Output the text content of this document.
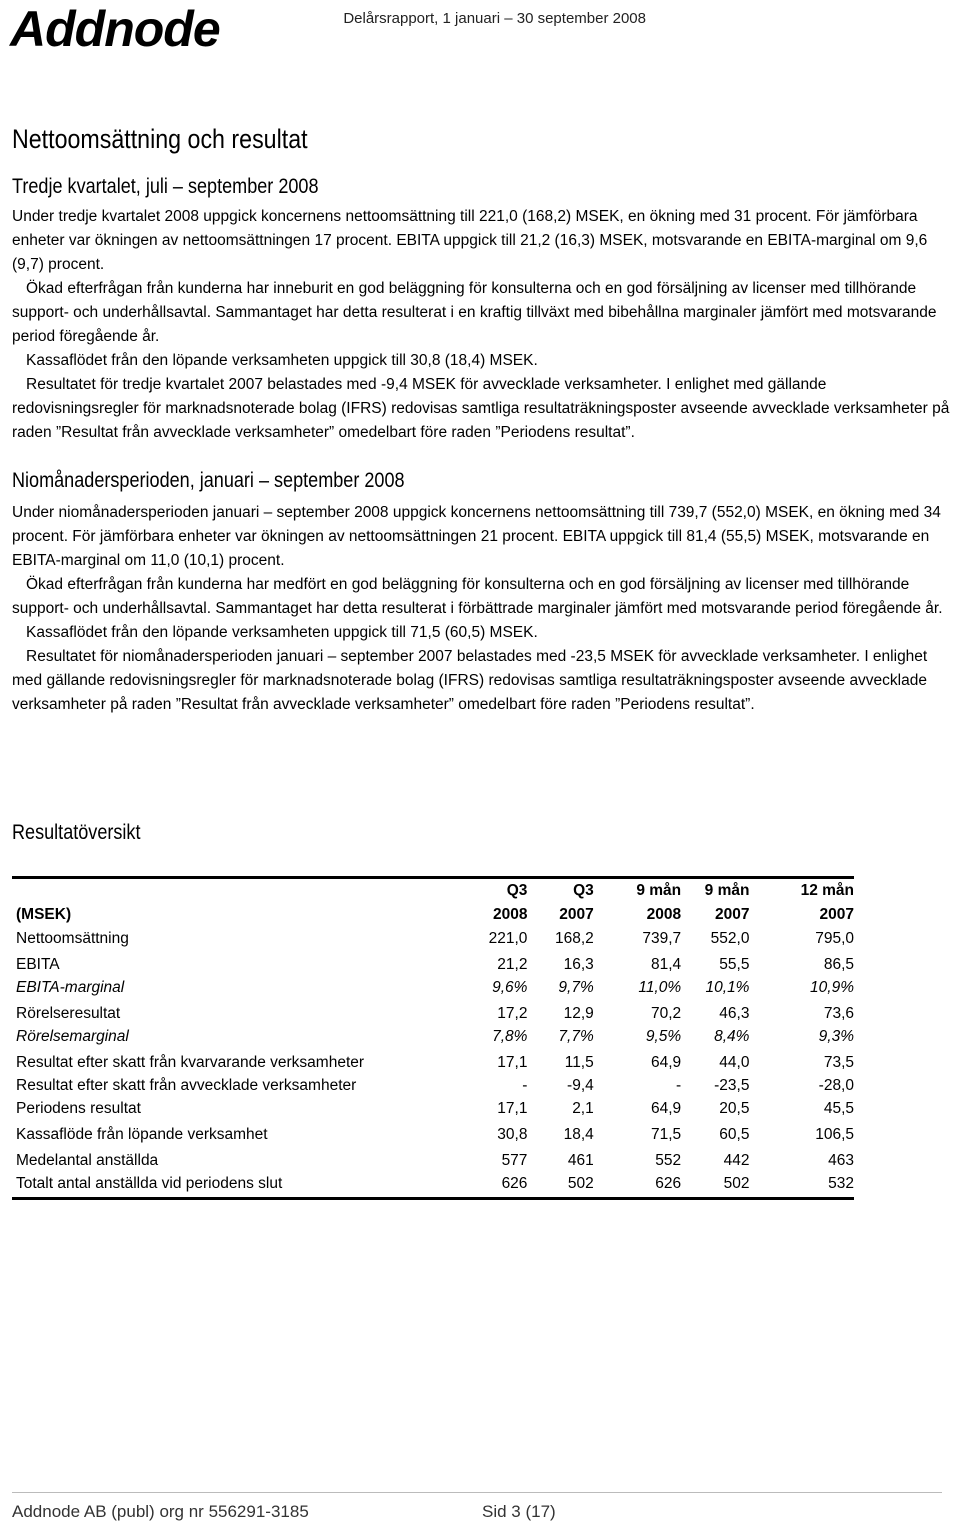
Addnode	Delårsrapport, 1 januari – 30 september 2008
Nettoomsättning och resultat
Tredje kvartalet, juli – september 2008

Under tredje kvartalet 2008 uppgick koncernens nettoomsättning till 221,0 (168,2) MSEK, en ökning med 31 procent. För jämförbara enheter var ökningen av nettoomsättningen 17 procent. EBITA uppgick till 21,2 (16,3) MSEK, motsvarande en EBITA-marginal om 9,6 (9,7) procent.

Ökad efterfrågan från kunderna har inneburit en god beläggning för konsulterna och en god försäljning av licenser med tillhörande support- och underhållsavtal. Sammantaget har detta resulterat i en kraftig tillväxt med bibehållna marginaler jämfört med motsvarande period föregående år.

Kassaflödet från den löpande verksamheten uppgick till 30,8 (18,4) MSEK.

Resultatet för tredje kvartalet 2007 belastades med -9,4 MSEK för avvecklade verksamheter. I enlighet med gällande redovisningsregler för marknadsnoterade bolag (IFRS) redovisas samtliga resultaträkningsposter avseende avvecklade verksamheter på raden ”Resultat från avvecklade verksamheter” omedelbart före raden ”Periodens resultat”.

Niomånadersperioden, januari – september 2008

Under niomånadersperioden januari – september 2008 uppgick koncernens nettoomsättning till 739,7 (552,0) MSEK, en ökning med 34 procent. För jämförbara enheter var ökningen av nettoomsättningen 21 procent. EBITA uppgick till 81,4 (55,5) MSEK, motsvarande en EBITA-marginal om 11,0 (10,1) procent.

Ökad efterfrågan från kunderna har medfört en god beläggning för konsulterna och en god försäljning av licenser med tillhörande support- och underhållsavtal. Sammantaget har detta resulterat i förbättrade marginaler jämfört med motsvarande period föregående år.

Kassaflödet från den löpande verksamheten uppgick till 71,5 (60,5) MSEK.

Resultatet för niomånadersperioden januari – september 2007 belastades med -23,5 MSEK för avvecklade verksamheter. I enlighet med gällande redovisningsregler för marknadsnoterade bolag (IFRS) redovisas samtliga resultaträkningsposter avseende avvecklade verksamheter på raden ”Resultat från avvecklade verksamheter” omedelbart före raden ”Periodens resultat”.

Resultatöversikt
	Q3	Q3	9 mån	9 mån	12 mån
(MSEK)	2008	2007	2008	2007	2007
Nettoomsättning	221,0	168,2	739,7	552,0	795,0
EBITA	21,2	16,3	81,4	55,5	86,5
EBITA-marginal	9,6%	9,7%	11,0%	10,1%	10,9%
Rörelseresultat	17,2	12,9	70,2	46,3	73,6
Rörelsemarginal	7,8%	7,7%	9,5%	8,4%	9,3%
Resultat efter skatt från kvarvarande verksamheter	17,1	11,5	64,9	44,0	73,5
Resultat efter skatt från avvecklade verksamheter	-	-9,4	-	-23,5	-28,0
Periodens resultat	17,1	2,1	64,9	20,5	45,5
Kassaflöde från löpande verksamhet	30,8	18,4	71,5	60,5	106,5
Medelantal anställda	577	461	552	442	463
Totalt antal anställda vid periodens slut	626	502	626	502	532
Addnode AB (publ) org nr 556291-3185	Sid 3 (17)
